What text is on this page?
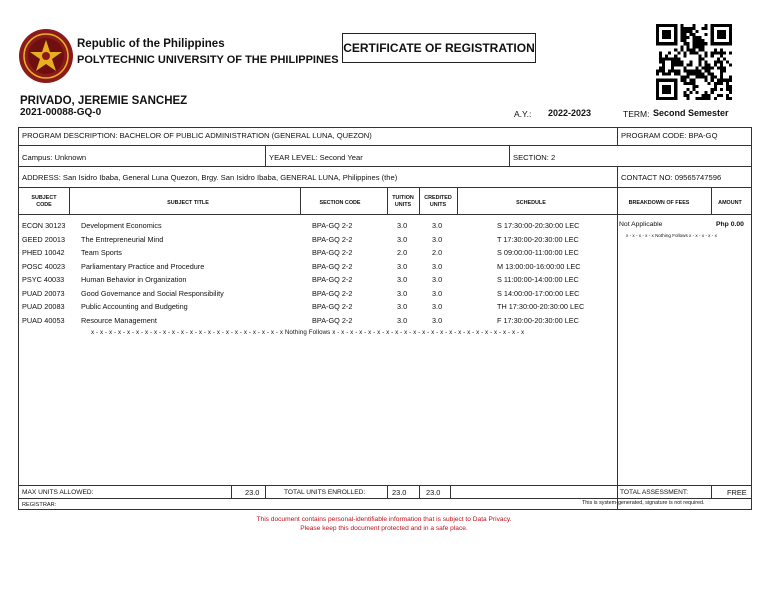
Republic of the Philippines
POLYTECHNIC UNIVERSITY OF THE PHILIPPINES
CERTIFICATE OF REGISTRATION
PRIVADO, JEREMIE SANCHEZ
2021-00088-GQ-0	A.Y.: 2022-2023	TERM: Second Semester
PROGRAM DESCRIPTION: BACHELOR OF PUBLIC ADMINISTRATION (GENERAL LUNA, QUEZON)	PROGRAM CODE: BPA-GQ
Campus: Unknown	YEAR LEVEL: Second Year	SECTION: 2
ADDRESS: San Isidro Ibaba, General Luna Quezon, Brgy. San Isidro Ibaba, GENERAL LUNA, Philippines (the)	CONTACT NO: 09565747596
SUBJECT
CODE	SUBJECT TITLE	SECTION CODE
TUITION
UNITS
CREDITED
UNITS	SCHEDULE	BREAKDOWN OF FEES	AMOUNT
ECON 30123 Development Economics	BPA-GQ 2-2	3.0	3.0	S 17:30:00-20:30:00 LEC
GEED 20013 The Entrepreneurial Mind	BPA-GQ 2-2	3.0	3.0	T 17:30:00-20:30:00 LEC
PHED 10042 Team Sports	BPA-GQ 2-2	2.0	2.0	S 09:00:00-11:00:00 LEC
POSC 40023 Parliamentary Practice and Procedure	BPA-GQ 2-2	3.0	3.0	M 13:00:00-16:00:00 LEC
PSYC 40033 Human Behavior in Organization	BPA-GQ 2-2	3.0	3.0	S 11:00:00-14:00:00 LEC
PUAD 20073 Good Governance and Social Responsibility	BPA-GQ 2-2	3.0	3.0	S 14:00:00-17:00:00 LEC
PUAD 20083 Public Accounting and Budgeting	BPA-GQ 2-2	3.0	3.0	TH 17:30:00-20:30:00 LEC
PUAD 40053 Resource Management	BPA-GQ 2-2	3.0	3.0	F 17:30:00-20:30:00 LEC
x - x - x - x - x - x - x - x - x - x - x - x - x - x - x - x - x - x - x - x - x - x Nothing Follows x - x - x - x - x - x - x - x - x - x - x - x - x - x - x - x - x - x - x - x - x - x
Not Applicable	Php 0.00
x - x - x - x - x Nothing Follows x - x - x - x - x
MAX UNITS ALLOWED:	23.0	TOTAL UNITS ENROLLED:	23.0	23.0	TOTAL ASSESSMENT:	FREE
REGISTRAR:	This is system-generated, signature is not required.
This document contains personal-identifiable information that is subject to Data Privacy.
Please keep this document protected and in a safe place.
